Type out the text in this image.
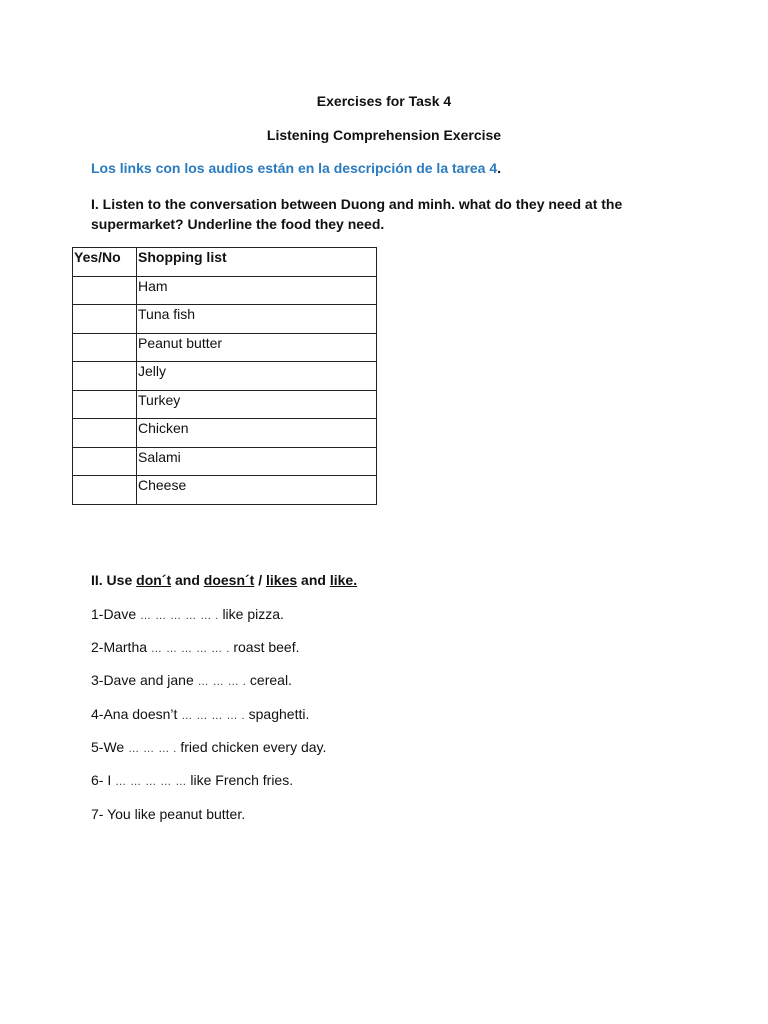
Exercises for Task 4
Listening Comprehension Exercise
Los links con los audios están en la descripción de la tarea 4.
I. Listen to the conversation between Duong and minh. what do they need at the supermarket? Underline the food they need.
Yes/No	Shopping list
	Ham
	Tuna fish
	Peanut butter
	Jelly
	Turkey
	Chicken
	Salami
	Cheese
II. Use don´t and doesn´t / likes and like.
1-Dave … … … … … . like pizza.
2-Martha … … … … … . roast beef.
3-Dave and jane … … … . cereal.
4-Ana doesn’t … … … … . spaghetti.
5-We … … … . fried chicken every day.
6- I … … … … … like French fries.
7- You like peanut butter.
